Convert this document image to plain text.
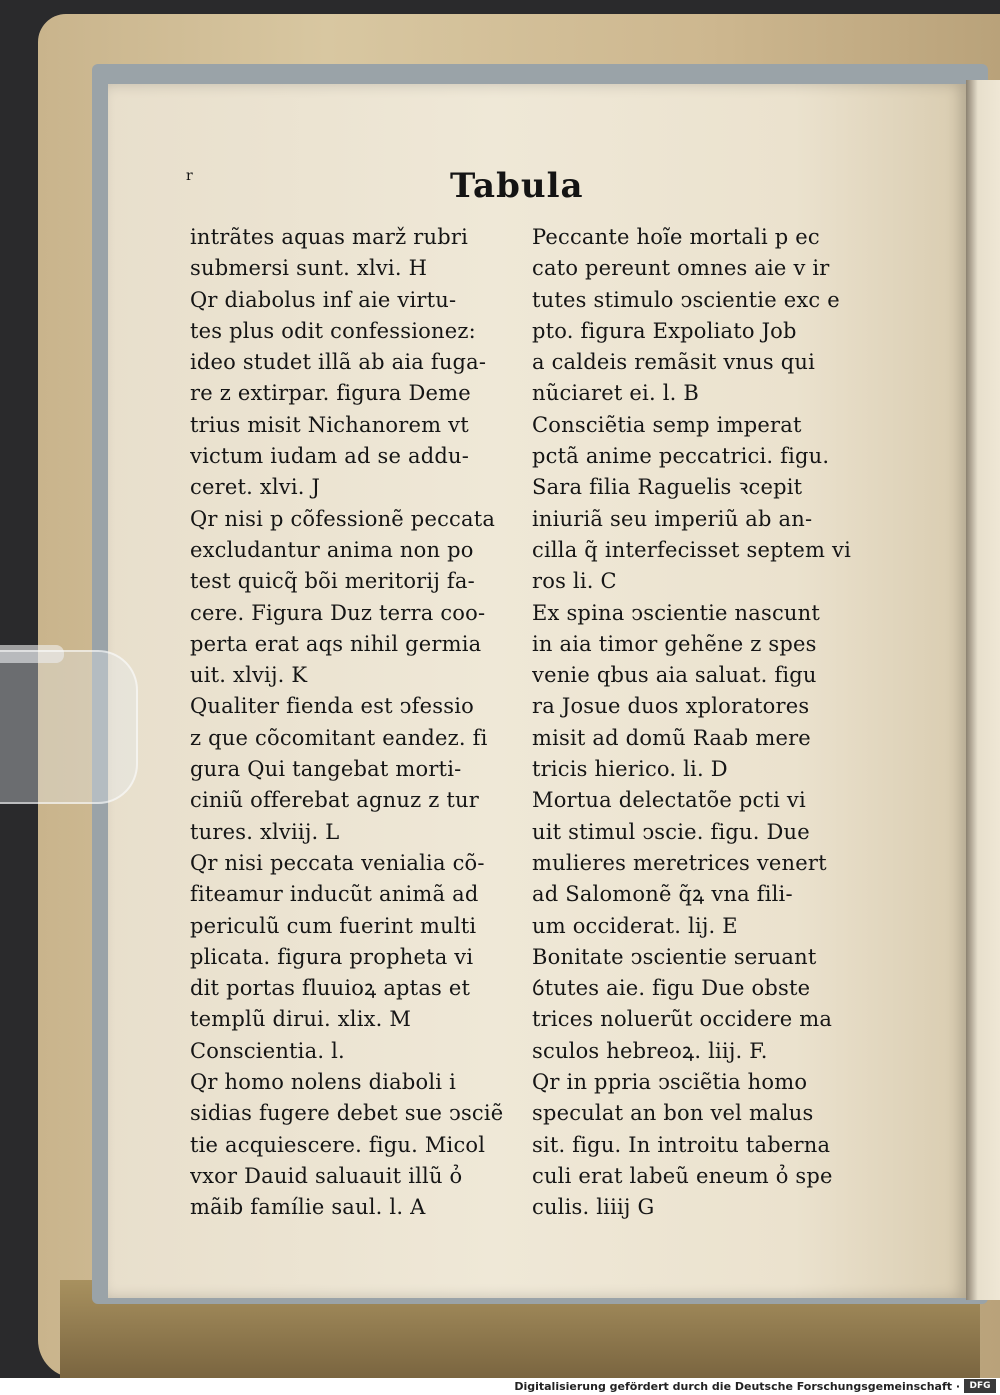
r	Tabula
intrãtes aquas marž rubri
submersi sunt. xlvi. H
Qr diabolus inf aie virtu-
tes plus odit confessionez:
ideo studet illã ab aia fuga-
re z extirpar. figura Deme
trius misit Nichanorem vt
victum iudam ad se addu-
ceret. xlvi. J
Qr nisi p cõfessionẽ peccata
excludantur anima non po
test quicq̃ bõi meritorij fa-
cere. Figura Duz terra coo-
perta erat aqs nihil germia
uit. xlvij. K
Qualiter fienda est ↄfessio
z que cõcomitant eandez. fi
gura Qui tangebat morti-
ciniũ offerebat agnuz z tur
tures. xlviij. L
Qr nisi peccata venialia cõ-
fiteamur inducũt animã ad
periculũ cum fuerint multi
plicata. figura propheta vi
dit portas fluuioꝝ aptas et
templũ dirui. xlix. M
Conscientia. l.
Qr homo nolens diaboli i
sidias fugere debet sue ↄsciẽ
tie acquiescere. figu. Micol
vxor Dauid saluauit illũ ỏ
mãib famílie saul. l. A
Peccante hoĩe mortali p ec
cato pereunt omnes aie v ir
tutes stimulo ↄscientie exc e
pto. figura Expoliato Job
a caldeis remãsit vnus qui
nũciaret ei. l. B
Consciẽtia semp imperat
pctã anime peccatrici. figu.
Sara filia Raguelis ꝛcepit
iniuriã seu imperiũ ab an-
cilla q̃ interfecisset septem vi
ros li. C
Ex spina ↄscientie nascunt
in aia timor gehẽne z spes
venie qbus aia saluat. figu
ra Josue duos xploratores
misit ad domũ Raab mere
tricis hierico. li. D
Mortua delectatõe pcti vi
uit stimul ↄscie. figu. Due
mulieres meretrices venert
ad Salomonẽ q̃ꝝ vna fili-
um occiderat. lij. E
Bonitate ↄscientie seruant
ỽtutes aie. figu Due obste
trices noluerũt occidere ma
sculos hebreoꝝ. liij. F.
Qr in ppria ↄsciẽtia homo
speculat an bon vel malus
sit. figu. In introitu taberna
culi erat labeũ eneum ỏ spe
culis. liiij G
Digitalisierung gefördert durch die Deutsche Forschungsgemeinschaft ·	DFG
